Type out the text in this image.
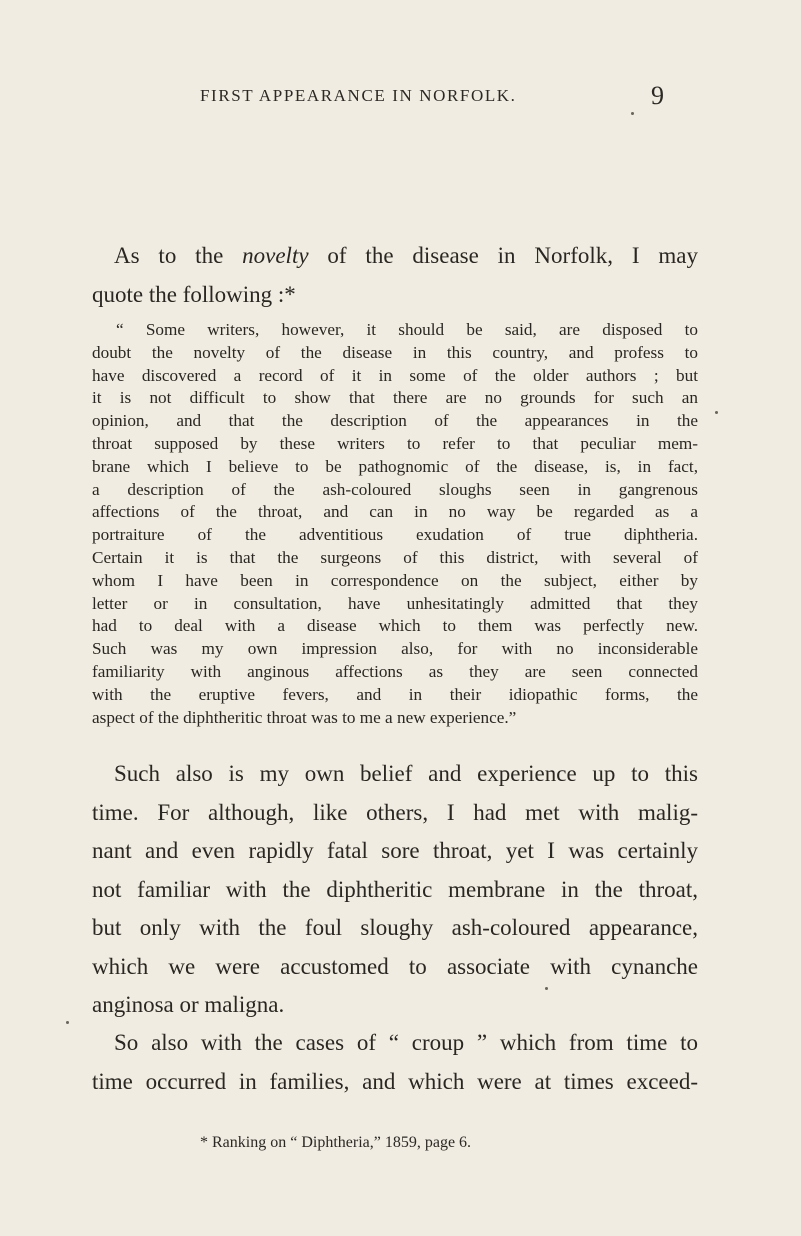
FIRST APPEARANCE IN NORFOLK.	9
As to the novelty of the disease in Norfolk, I may
quote the following :*
“ Some writers, however, it should be said, are disposed to
doubt the novelty of the disease in this country, and profess to
have discovered a record of it in some of the older authors ; but
it is not difficult to show that there are no grounds for such an
opinion, and that the description of the appearances in the
throat supposed by these writers to refer to that peculiar mem-
brane which I believe to be pathognomic of the disease, is, in fact,
a description of the ash-coloured sloughs seen in gangrenous
affections of the throat, and can in no way be regarded as a
portraiture of the adventitious exudation of true diphtheria.
Certain it is that the surgeons of this district, with several of
whom I have been in correspondence on the subject, either by
letter or in consultation, have unhesitatingly admitted that they
had to deal with a disease which to them was perfectly new.
Such was my own impression also, for with no inconsiderable
familiarity with anginous affections as they are seen connected
with the eruptive fevers, and in their idiopathic forms, the
aspect of the diphtheritic throat was to me a new experience.”
Such also is my own belief and experience up to this
time. For although, like others, I had met with malig-
nant and even rapidly fatal sore throat, yet I was certainly
not familiar with the diphtheritic membrane in the throat,
but only with the foul sloughy ash-coloured appearance,
which we were accustomed to associate with cynanche
anginosa or maligna.
So also with the cases of “ croup ” which from time to
time occurred in families, and which were at times exceed-
* Ranking on “ Diphtheria,” 1859, page 6.
